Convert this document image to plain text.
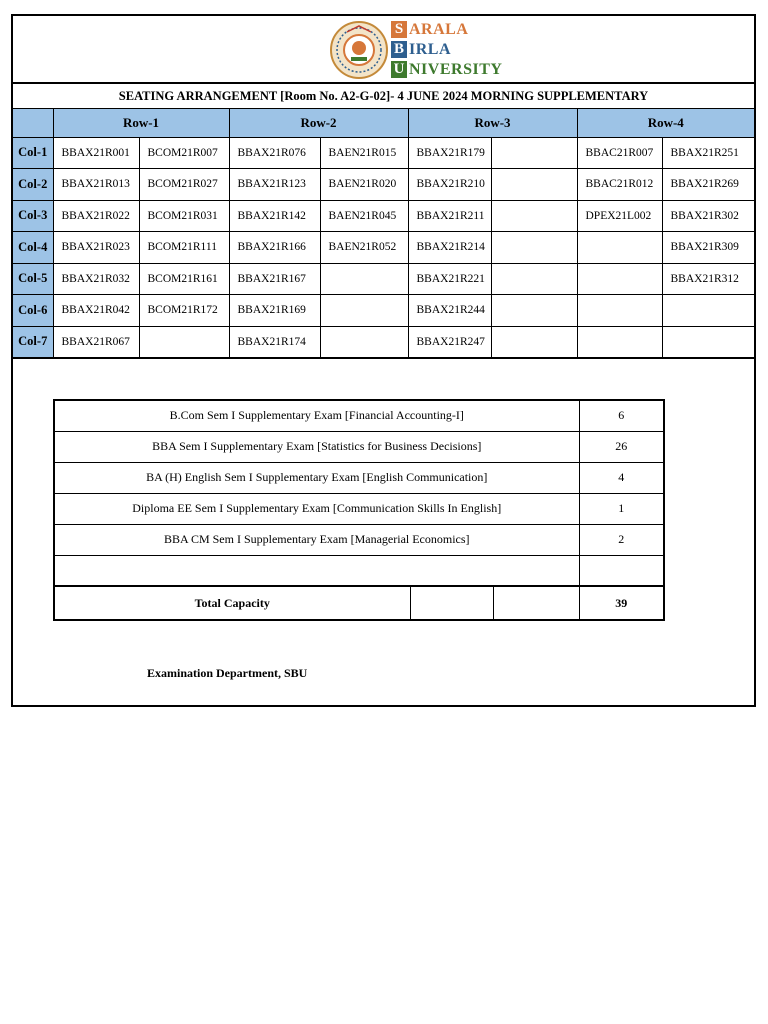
S ARALA
B IRLA
U NIVERSITY
SEATING ARRANGEMENT [Room No. A2-G-02]- 4 JUNE 2024 MORNING SUPPLEMENTARY
	Row-1		Row-2		Row-3		Row-4	
Col-1	BBAX21R001	BCOM21R007	BBAX21R076	BAEN21R015	BBAX21R179		BBAC21R007	BBAX21R251
Col-2	BBAX21R013	BCOM21R027	BBAX21R123	BAEN21R020	BBAX21R210		BBAC21R012	BBAX21R269
Col-3	BBAX21R022	BCOM21R031	BBAX21R142	BAEN21R045	BBAX21R211		DPEX21L002	BBAX21R302
Col-4	BBAX21R023	BCOM21R111	BBAX21R166	BAEN21R052	BBAX21R214			BBAX21R309
Col-5	BBAX21R032	BCOM21R161	BBAX21R167		BBAX21R221			BBAX21R312
Col-6	BBAX21R042	BCOM21R172	BBAX21R169		BBAX21R244			
Col-7	BBAX21R067		BBAX21R174		BBAX21R247			
B.Com Sem I Supplementary Exam [Financial Accounting-I]			6
BBA Sem I Supplementary Exam [Statistics for Business Decisions]			26
BA (H) English Sem I Supplementary Exam [English Communication]			4
Diploma EE Sem I Supplementary Exam [Communication Skills In English]			1
BBA CM Sem I Supplementary Exam [Managerial Economics]			2

Total Capacity			39
Examination Department, SBU
